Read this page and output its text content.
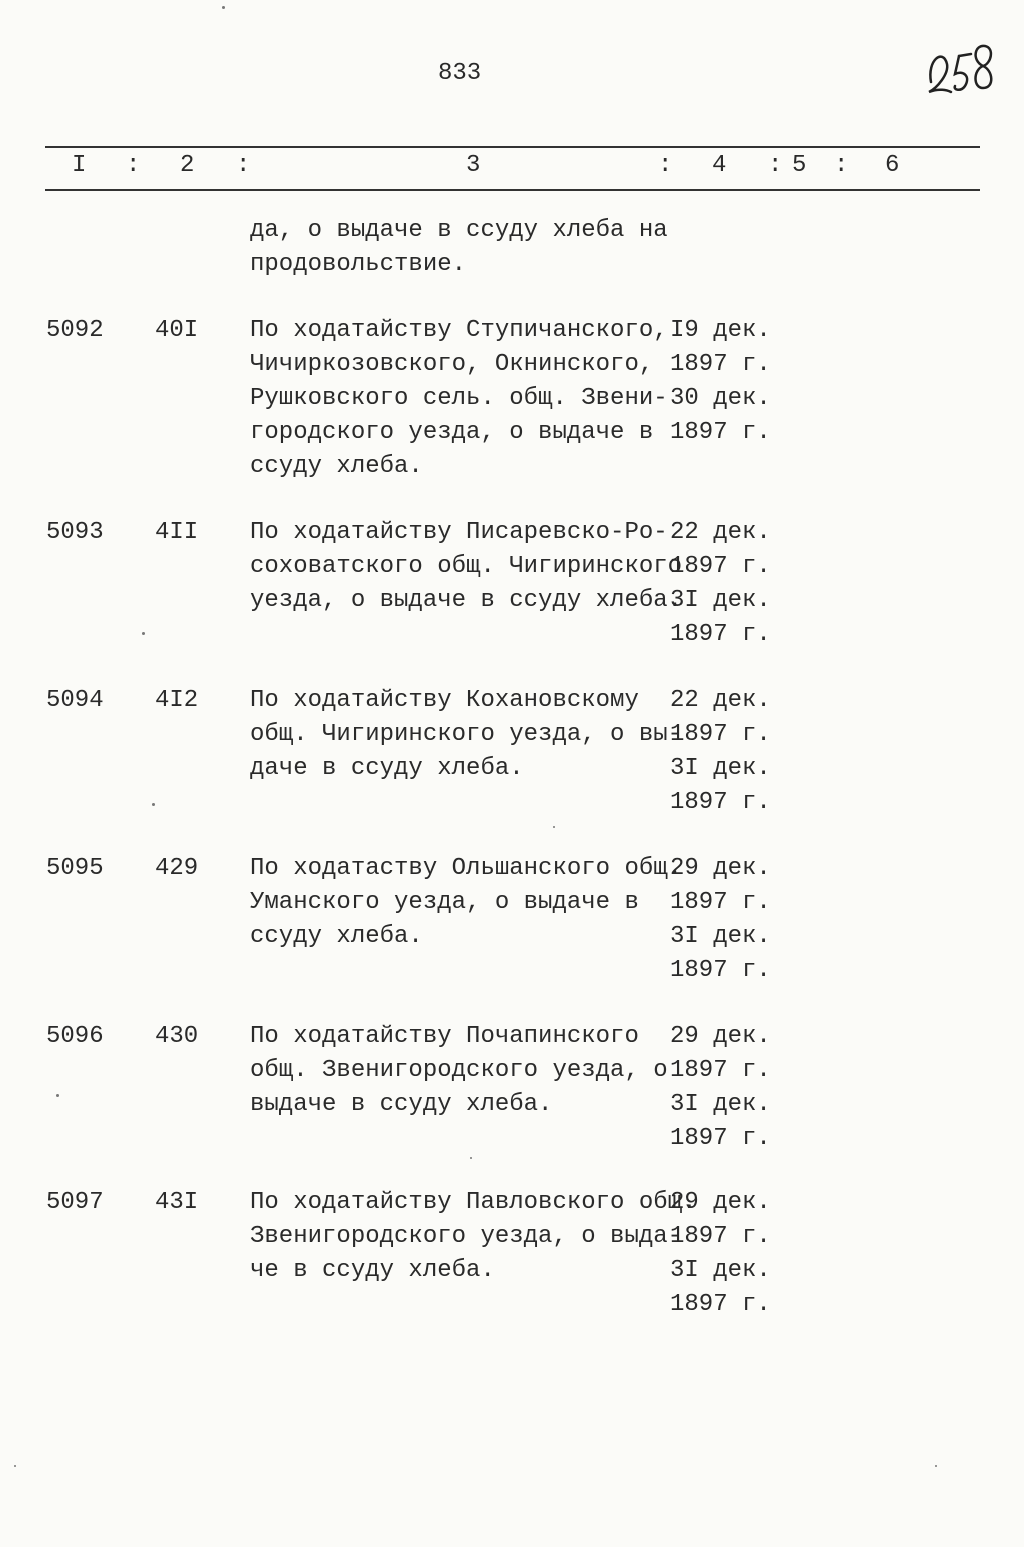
833
I : 2 :	3	: 4 : 5 : 6
да, о выдаче в ссуду хлеба на
продовольствие.
5092 40I По ходатайству Ступичанского,
Чичиркозовского, Окнинского,
Рушковского сель. общ. Звени-
городского уезда, о выдаче в
ссуду хлеба.
I9 дек.
1897 г.
30 дек.
1897 г.
5093 4II По ходатайству Писаревско-Ро-
соховатского общ. Чигиринского
уезда, о выдаче в ссуду хлеба.
22 дек.
1897 г.
3I дек.
1897 г.
5094 4I2 По ходатайству Кохановскому
общ. Чигиринского уезда, о вы-
даче в ссуду хлеба.
22 дек.
1897 г.
3I дек.
1897 г.
5095 429 По ходатаству Ольшанского общ.
Уманского уезда, о выдаче в
ссуду хлеба.
29 дек.
1897 г.
3I дек.
1897 г.
5096 430 По ходатайству Почапинского
общ. Звенигородского уезда, о
выдаче в ссуду хлеба.
29 дек.
1897 г.
3I дек.
1897 г.
5097 43I По ходатайству Павловского общ.
Звенигородского уезда, о выда-
че в ссуду хлеба.
29 дек.
1897 г.
3I дек.
1897 г.
